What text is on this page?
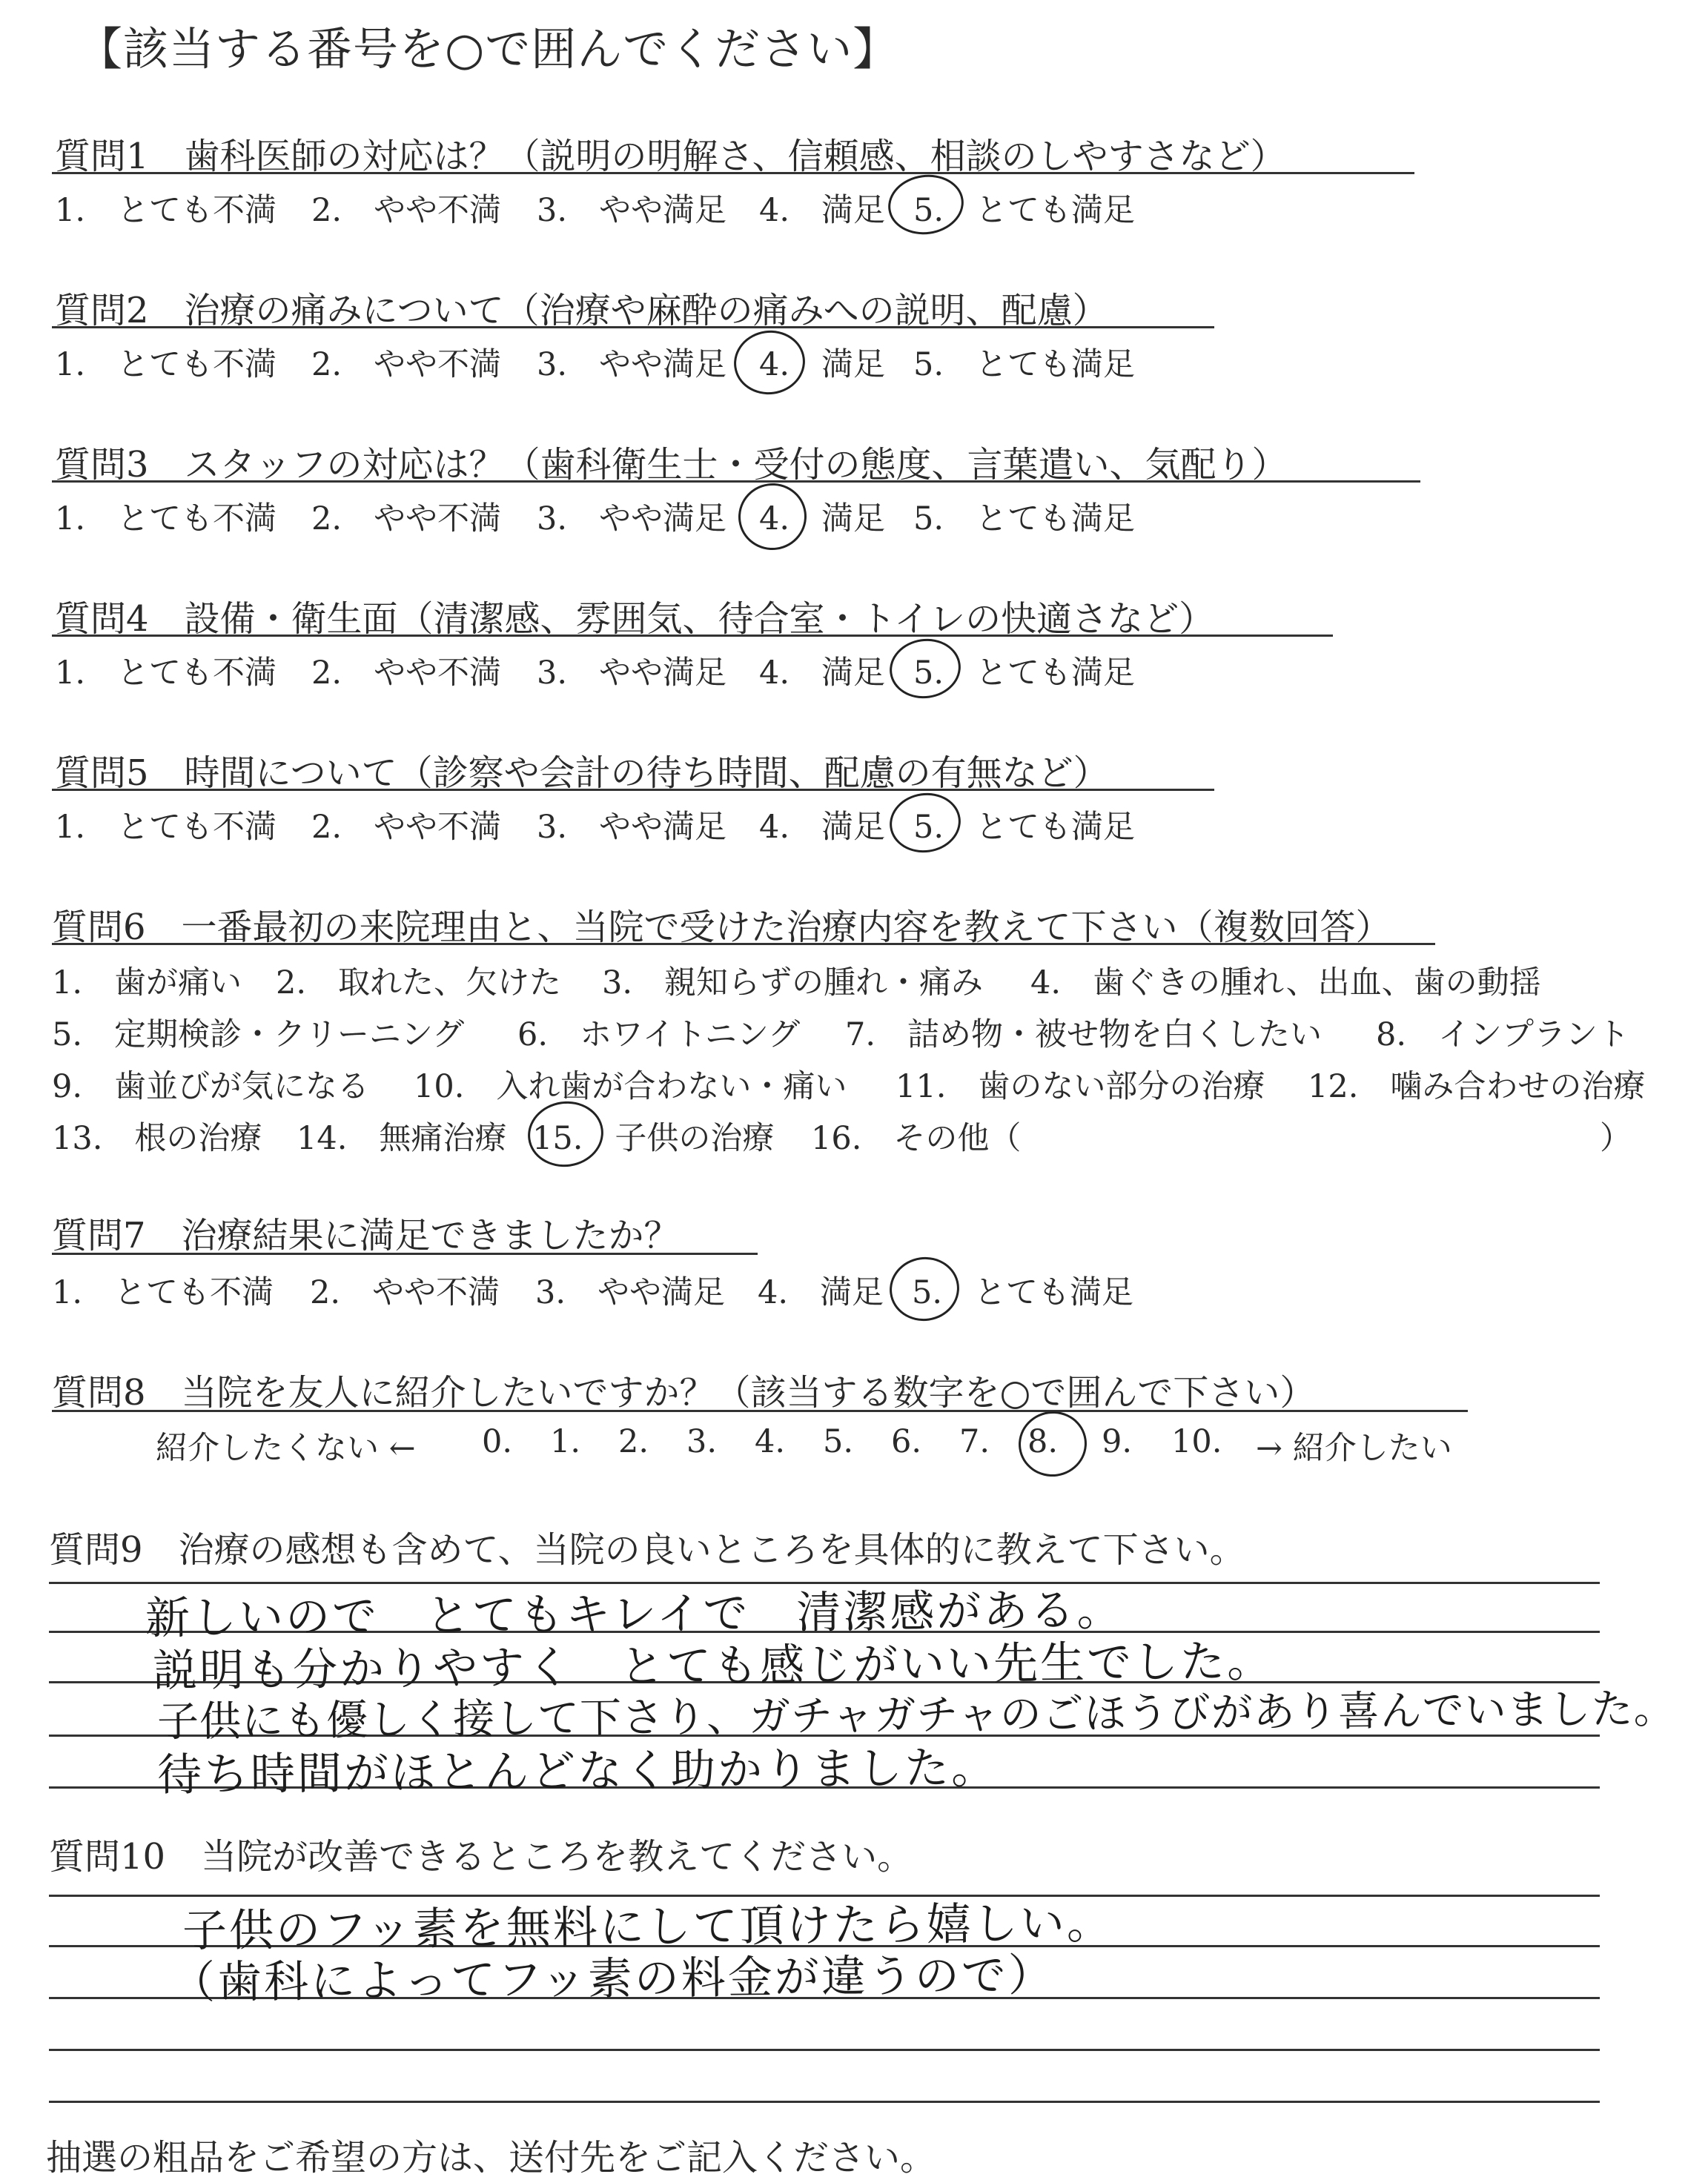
【該当する番号を○で囲んでください】
質問1　歯科医師の対応は？（説明の明解さ、信頼感、相談のしやすさなど）
1.　とても不満 2.　やや不満 3.　やや満足 4.　満足 5.　とても満足
質問2　治療の痛みについて（治療や麻酔の痛みへの説明、配慮）
1.　とても不満 2.　やや不満 3.　やや満足 4.　満足 5.　とても満足
質問3　スタッフの対応は？（歯科衛生士・受付の態度、言葉遣い、気配り）
1.　とても不満 2.　やや不満 3.　やや満足 4.　満足 5.　とても満足
質問4　設備・衛生面（清潔感、雰囲気、待合室・トイレの快適さなど）
1.　とても不満 2.　やや不満 3.　やや満足 4.　満足 5.　とても満足
質問5　時間について（診察や会計の待ち時間、配慮の有無など）
1.　とても不満 2.　やや不満 3.　やや満足 4.　満足 5.　とても満足
質問6　一番最初の来院理由と、当院で受けた治療内容を教えて下さい（複数回答）
1.　歯が痛い 2.　取れた、欠けた 3.　親知らずの腫れ・痛み 4.　歯ぐきの腫れ、出血、歯の動揺
5.　定期検診・クリーニング 6.　ホワイトニング 7.　詰め物・被せ物を白くしたい 8.　インプラント
9.　歯並びが気になる 10.　入れ歯が合わない・痛い 11.　歯のない部分の治療 12.　噛み合わせの治療
13.　根の治療 14.　無痛治療 15.　子供の治療 16.　その他（	）
質問7　治療結果に満足できましたか？
1.　とても不満 2.　やや不満 3.　やや満足 4.　満足 5.　とても満足
質問8　当院を友人に紹介したいですか？（該当する数字を○で囲んで下さい）
紹介したくない ← 0. 1. 2. 3. 4. 5. 6. 7. 8. 9. 10. → 紹介したい
質問9　治療の感想も含めて、当院の良いところを具体的に教えて下さい。
新しいので　とてもキレイで　清潔感がある。
説明も分かりやすく　とても感じがいい先生でした。
子供にも優しく接して下さり、ガチャガチャのごほうびがあり喜んでいました。
待ち時間がほとんどなく助かりました。
質問10　当院が改善できるところを教えてください。
子供のフッ素を無料にして頂けたら嬉しい。
（歯科によってフッ素の料金が違うので）
抽選の粗品をご希望の方は、送付先をご記入ください。
